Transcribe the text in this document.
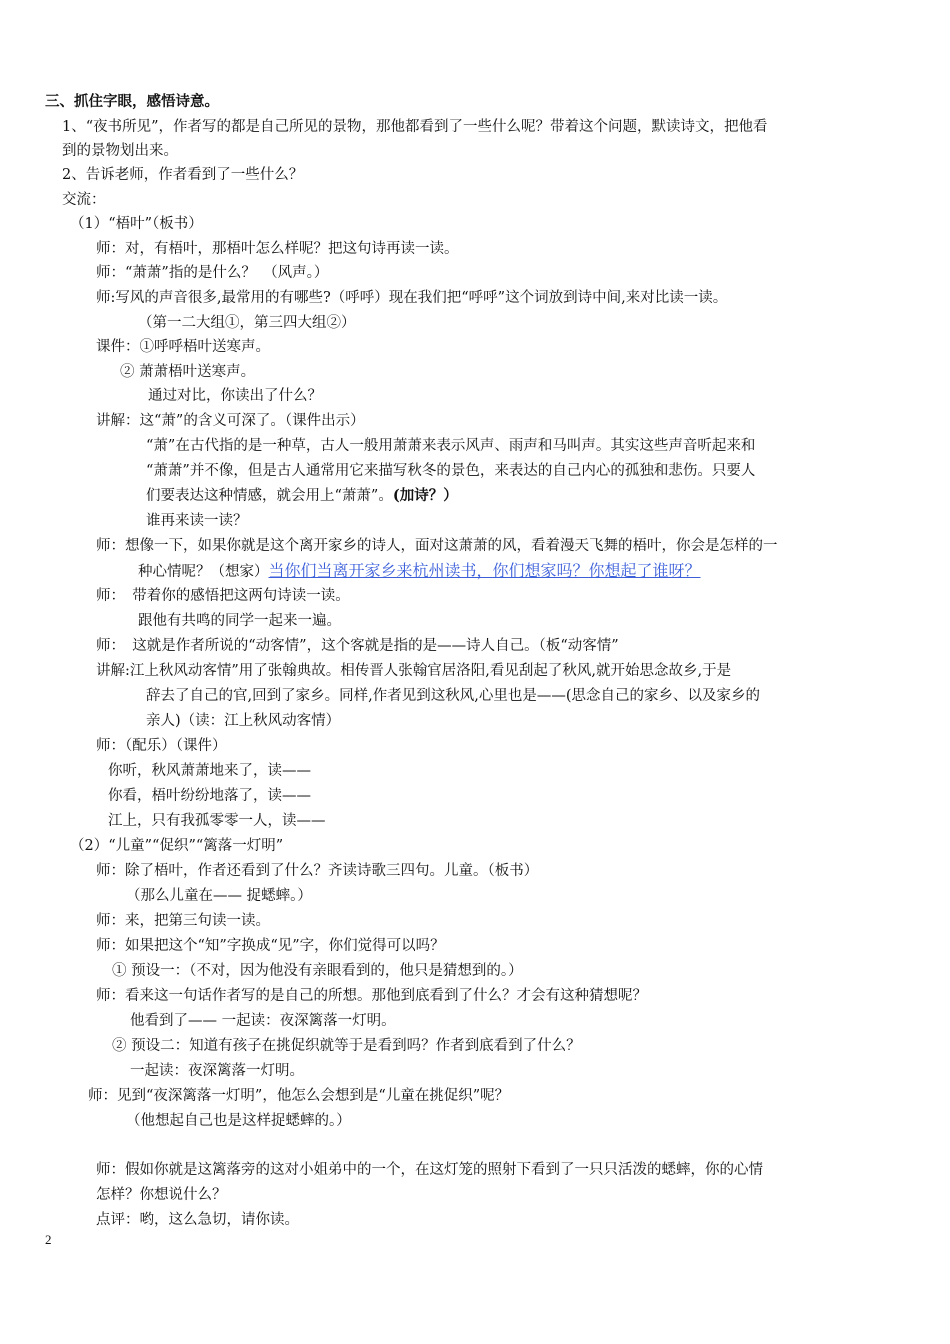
三、抓住字眼，感悟诗意。
1、“夜书所见”，作者写的都是自己所见的景物，那他都看到了一些什么呢？带着这个问题，默读诗文，把他看
到的景物划出来。
2、告诉老师，作者看到了一些什么？
交流：
（1）“梧叶”（板书）
师：对，有梧叶，那梧叶怎么样呢？把这句诗再读一读。
师：“萧萧”指的是什么？　（风声。）
师:写风的声音很多,最常用的有哪些?（呼呼）现在我们把“呼呼”这个词放到诗中间,来对比读一读。
（第一二大组①，第三四大组②）
课件：①呼呼梧叶送寒声。
② 萧萧梧叶送寒声。
通过对比，你读出了什么？
讲解：这“萧”的含义可深了。（课件出示）
“萧”在古代指的是一种草，古人一般用萧萧来表示风声、雨声和马叫声。其实这些声音听起来和
“萧萧”并不像，但是古人通常用它来描写秋冬的景色，来表达的自己内心的孤独和悲伤。只要人
们要表达这种情感，就会用上“萧萧”。(加诗？）
谁再来读一读？
师：想像一下，如果你就是这个离开家乡的诗人，面对这萧萧的风，看着漫天飞舞的梧叶，你会是怎样的一
种心情呢？（想家）当你们当离开家乡来杭州读书，你们想家吗？你想起了谁呀？
师：　带着你的感悟把这两句诗读一读。
跟他有共鸣的同学一起来一遍。
师：　这就是作者所说的“动客情”，这个客就是指的是——诗人自己。（板“动客情”
讲解:江上秋风动客情”用了张翰典故。相传晋人张翰官居洛阳,看见刮起了秋风,就开始思念故乡,于是
辞去了自己的官,回到了家乡。同样,作者见到这秋风,心里也是——(思念自己的家乡、以及家乡的
亲人)（读：江上秋风动客情）
师：（配乐）（课件）
你听，秋风萧萧地来了，读——
你看，梧叶纷纷地落了，读——
江上，只有我孤零零一人，读——
（2）“儿童”“促织”“篱落一灯明”
师：除了梧叶，作者还看到了什么？齐读诗歌三四句。儿童。（板书）
（那么儿童在—— 捉蟋蟀。）
师：来，把第三句读一读。
师：如果把这个“知”字换成“见”字，你们觉得可以吗？
① 预设一：（不对，因为他没有亲眼看到的，他只是猜想到的。）
师：看来这一句话作者写的是自己的所想。那他到底看到了什么？才会有这种猜想呢？
他看到了—— 一起读：夜深篱落一灯明。
② 预设二：知道有孩子在挑促织就等于是看到吗？作者到底看到了什么？
一起读：夜深篱落一灯明。
师：见到“夜深篱落一灯明”，他怎么会想到是“儿童在挑促织”呢？
（他想起自己也是这样捉蟋蟀的。）
师：假如你就是这篱落旁的这对小姐弟中的一个，在这灯笼的照射下看到了一只只活泼的蟋蟀，你的心情
怎样？你想说什么？
点评：哟，这么急切，请你读。
2
